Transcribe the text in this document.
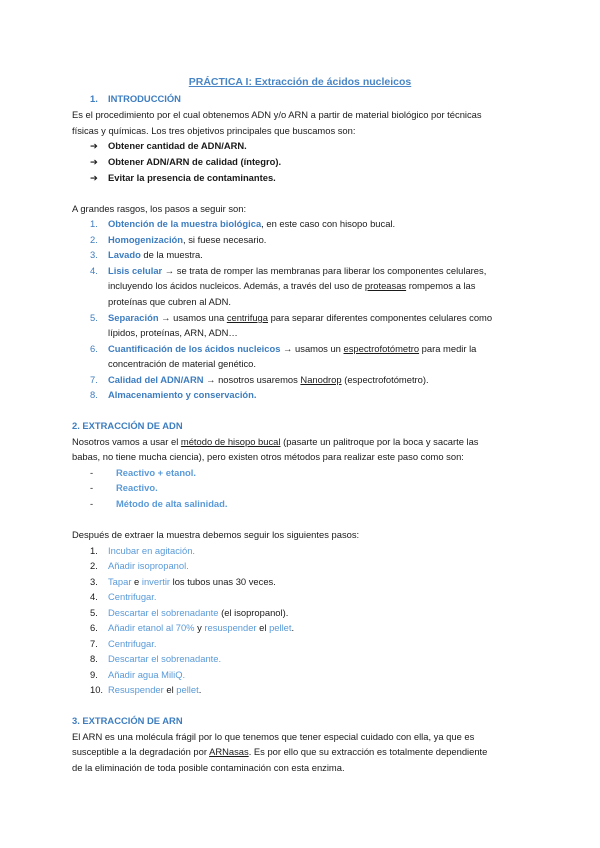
PRÁCTICA I: Extracción de ácidos nucleicos
1. INTRODUCCIÓN
Es el procedimiento por el cual obtenemos ADN y/o ARN a partir de material biológico por técnicas
físicas y químicas. Los tres objetivos principales que buscamos son:
➔ Obtener cantidad de ADN/ARN.
➔ Obtener ADN/ARN de calidad (íntegro).
➔ Evitar la presencia de contaminantes.
A grandes rasgos, los pasos a seguir son:
1. Obtención de la muestra biológica, en este caso con hisopo bucal.
2. Homogenización, si fuese necesario.
3. Lavado de la muestra.
4. Lisis celular → se trata de romper las membranas para liberar los componentes celulares,
incluyendo los ácidos nucleicos. Además, a través del uso de proteasas rompemos a las
proteínas que cubren al ADN.
5. Separación → usamos una centrifuga para separar diferentes componentes celulares como
lípidos, proteínas, ARN, ADN…
6. Cuantificación de los ácidos nucleicos → usamos un espectrofotómetro para medir la
concentración de material genético.
7. Calidad del ADN/ARN → nosotros usaremos Nanodrop (espectrofotómetro).
8. Almacenamiento y conservación.
2. EXTRACCIÓN DE ADN
Nosotros vamos a usar el método de hisopo bucal (pasarte un palitroque por la boca y sacarte las
babas, no tiene mucha ciencia), pero existen otros métodos para realizar este paso como son:
- Reactivo + etanol.
- Reactivo.
- Método de alta salinidad.
Después de extraer la muestra debemos seguir los siguientes pasos:
1. Incubar en agitación.
2. Añadir isopropanol.
3. Tapar e invertir los tubos unas 30 veces.
4. Centrifugar.
5. Descartar el sobrenadante (el isopropanol).
6. Añadir etanol al 70% y resuspender el pellet.
7. Centrifugar.
8. Descartar el sobrenadante.
9. Añadir agua MiliQ.
10. Resuspender el pellet.
3. EXTRACCIÓN DE ARN
El ARN es una molécula frágil por lo que tenemos que tener especial cuidado con ella, ya que es
susceptible a la degradación por ARNasas. Es por ello que su extracción es totalmente dependiente
de la eliminación de toda posible contaminación con esta enzima.
